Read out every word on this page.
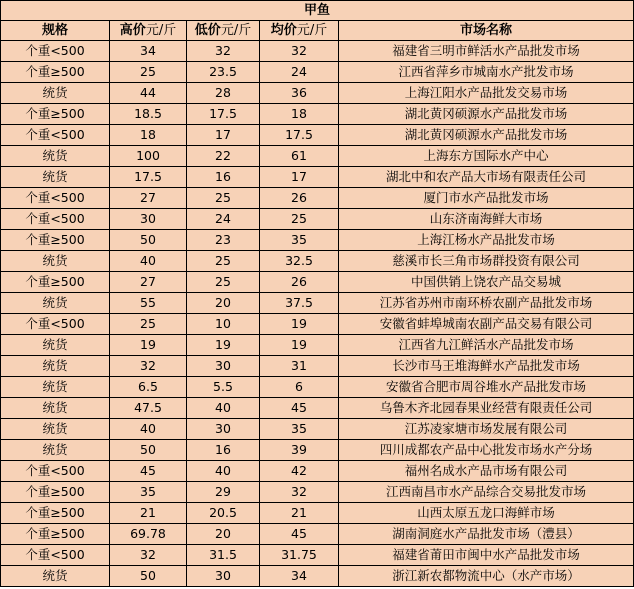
甲鱼				
规格	高价元/斤	低价元/斤	均价元/斤	市场名称
个重<500	34	32	32	福建省三明市鲜活水产品批发市场
个重≥500	25	23.5	24	江西省萍乡市城南水产批发市场
统货	44	28	36	上海江阳水产品批发交易市场
个重≥500	18.5	17.5	18	湖北黄冈硕源水产品批发市场
个重<500	18	17	17.5	湖北黄冈硕源水产品批发市场
统货	100	22	61	上海东方国际水产中心
统货	17.5	16	17	湖北中和农产品大市场有限责任公司
个重<500	27	25	26	厦门市水产品批发市场
个重<500	30	24	25	山东济南海鲜大市场
个重≥500	50	23	35	上海江杨水产品批发市场
统货	40	25	32.5	慈溪市长三角市场群投资有限公司
个重≥500	27	25	26	中国供销上饶农产品交易城
统货	55	20	37.5	江苏省苏州市南环桥农副产品批发市场
个重<500	25	10	19	安徽省蚌埠城南农副产品交易有限公司
统货	19	19	19	江西省九江鲜活水产品批发市场
统货	32	30	31	长沙市马王堆海鲜水产品批发市场
统货	6.5	5.5	6	安徽省合肥市周谷堆水产品批发市场
统货	47.5	40	45	乌鲁木齐北园春果业经营有限责任公司
统货	40	30	35	江苏凌家塘市场发展有限公司
统货	50	16	39	四川成都农产品中心批发市场水产分场
个重<500	45	40	42	福州名成水产品市场有限公司
个重≥500	35	29	32	江西南昌市水产品综合交易批发市场
个重≥500	21	20.5	21	山西太原五龙口海鲜市场
个重≥500	69.78	20	45	湖南洞庭水产品批发市场（澧县）
个重<500	32	31.5	31.75	福建省莆田市闽中水产品批发市场
统货	50	30	34	浙江新农都物流中心（水产市场）
